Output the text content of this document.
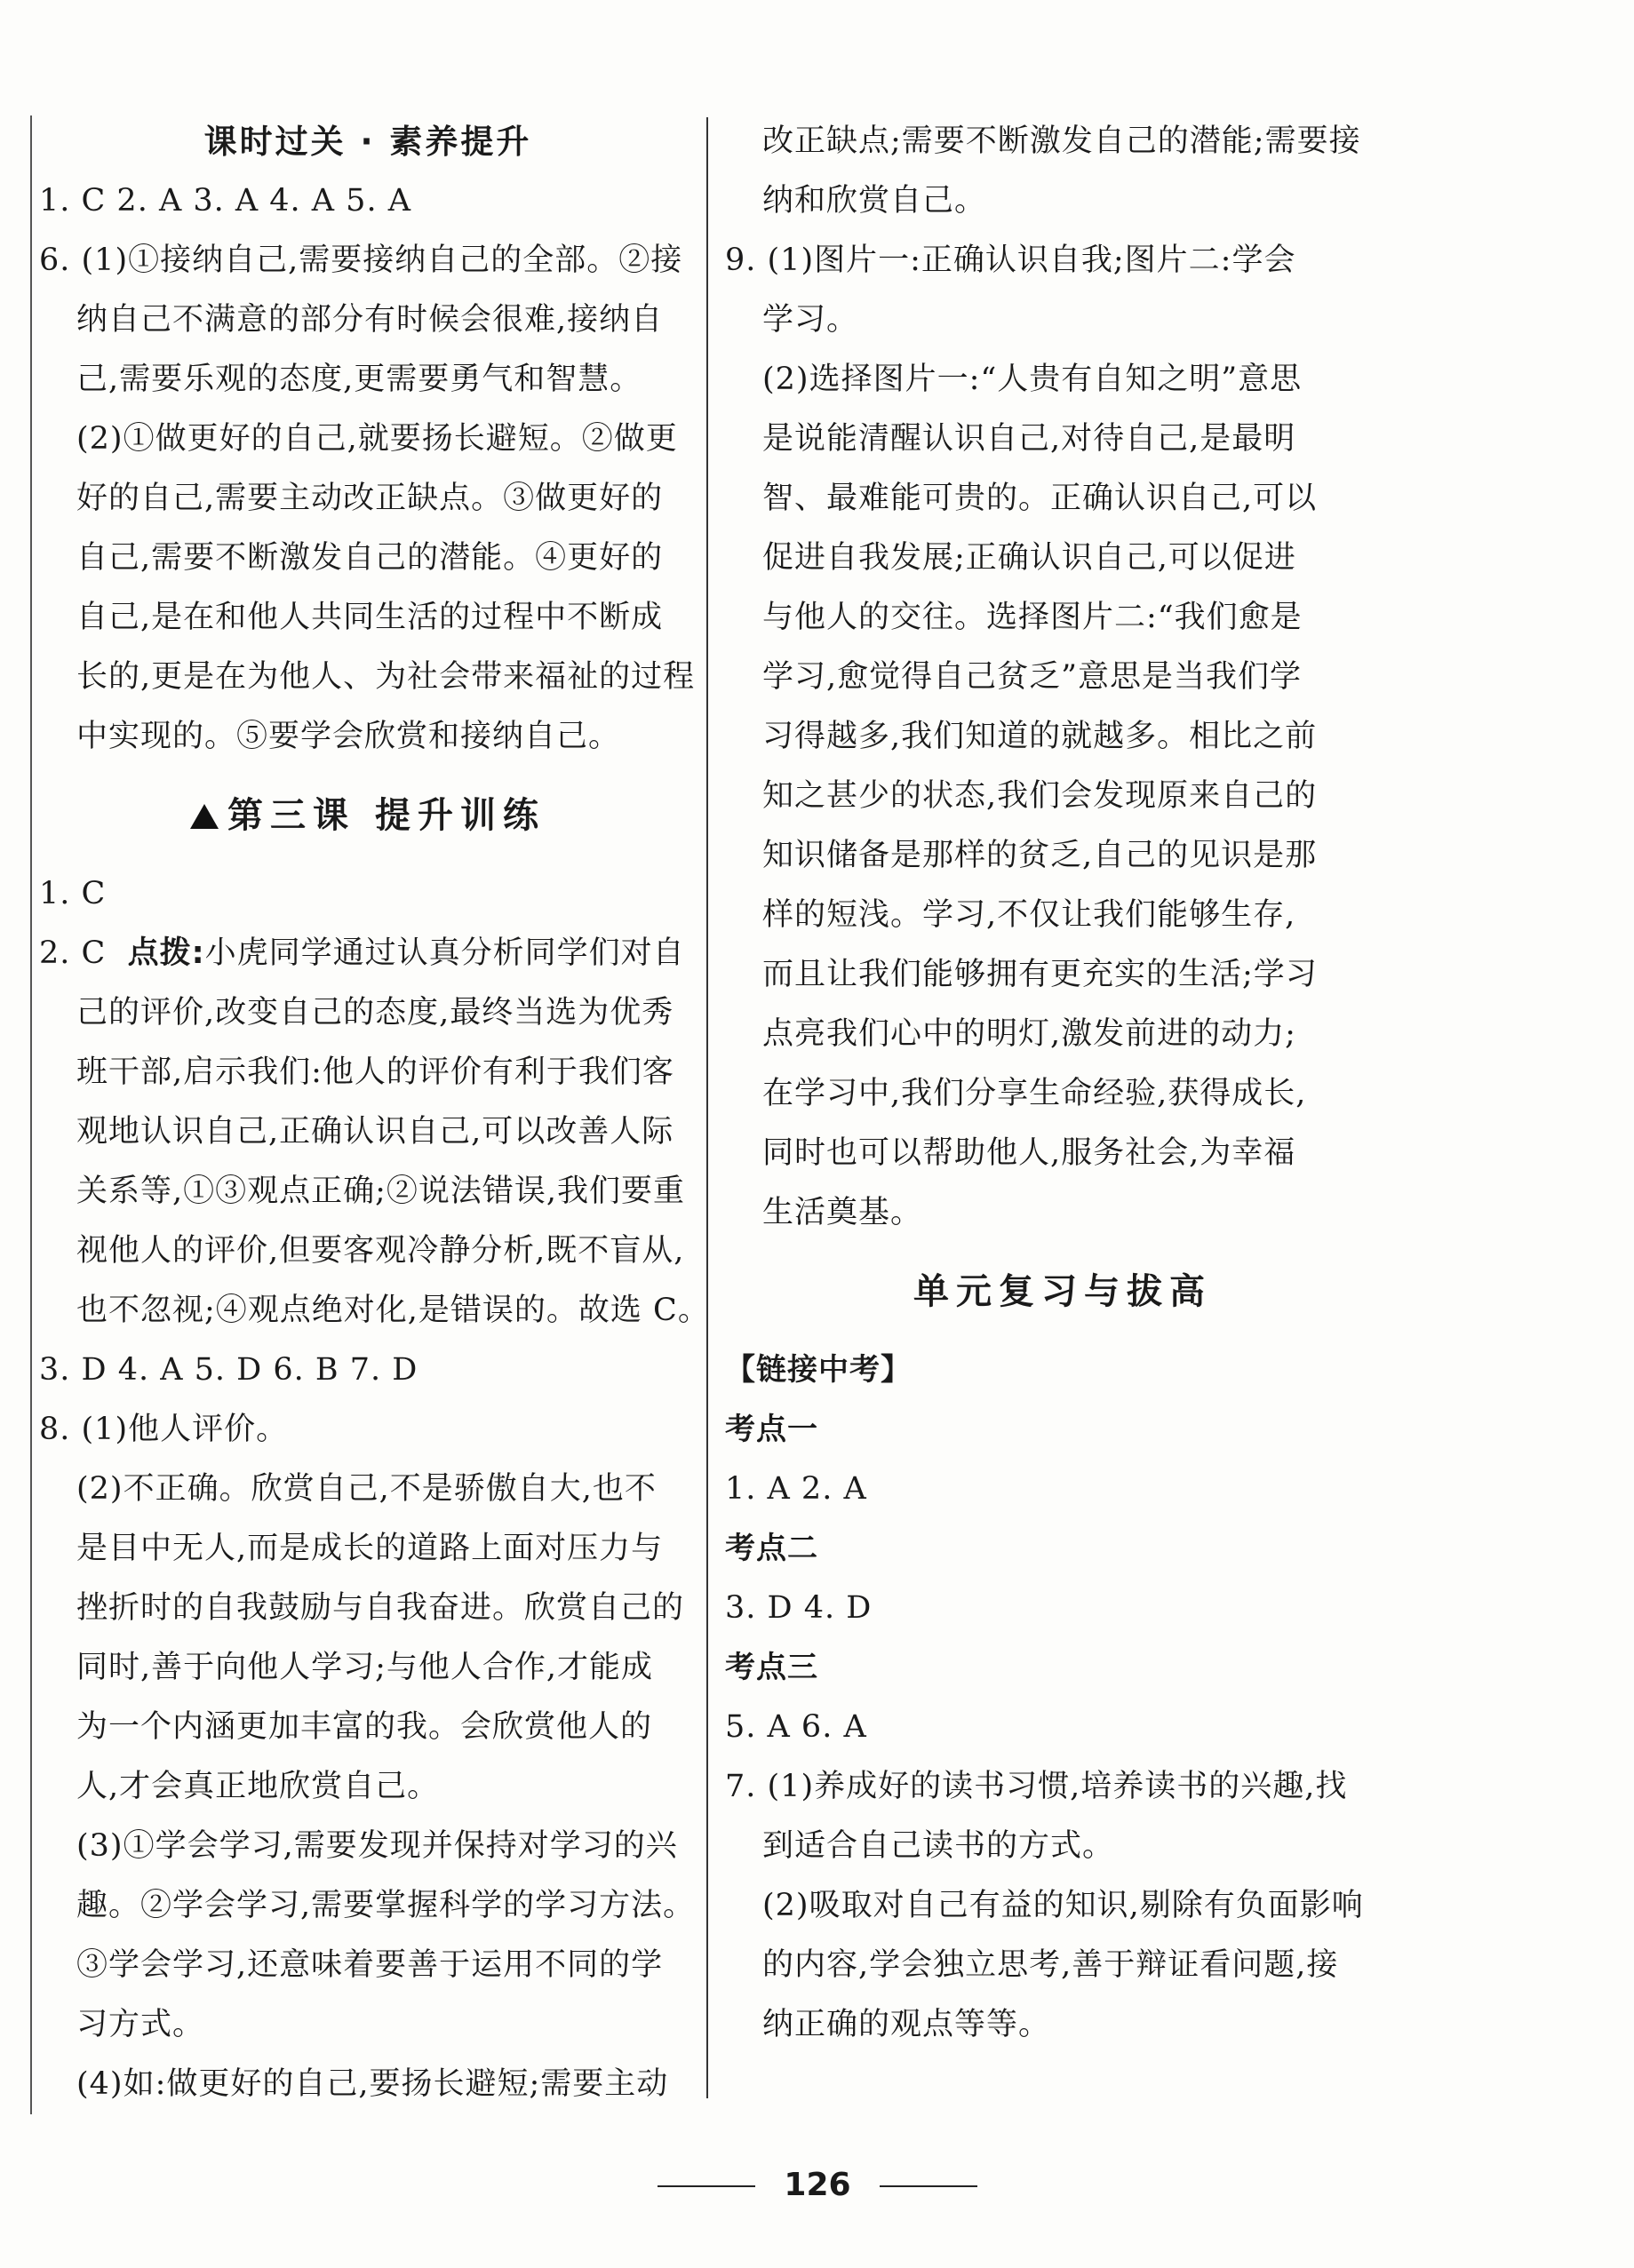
课时过关 · 素养提升
1. C 2. A 3. A 4. A 5. A
6. (1)①接纳自己,需要接纳自己的全部。②接
纳自己不满意的部分有时候会很难,接纳自
己,需要乐观的态度,更需要勇气和智慧。
(2)①做更好的自己,就要扬长避短。②做更
好的自己,需要主动改正缺点。③做更好的
自己,需要不断激发自己的潜能。④更好的
自己,是在和他人共同生活的过程中不断成
长的,更是在为他人、为社会带来福祉的过程
中实现的。⑤要学会欣赏和接纳自己。
第三课 提升训练
1. C
2. C 点拨:小虎同学通过认真分析同学们对自
己的评价,改变自己的态度,最终当选为优秀
班干部,启示我们:他人的评价有利于我们客
观地认识自己,正确认识自己,可以改善人际
关系等,①③观点正确;②说法错误,我们要重
视他人的评价,但要客观冷静分析,既不盲从,
也不忽视;④观点绝对化,是错误的。故选 C。
3. D 4. A 5. D 6. B 7. D
8. (1)他人评价。
(2)不正确。欣赏自己,不是骄傲自大,也不
是目中无人,而是成长的道路上面对压力与
挫折时的自我鼓励与自我奋进。欣赏自己的
同时,善于向他人学习;与他人合作,才能成
为一个内涵更加丰富的我。会欣赏他人的
人,才会真正地欣赏自己。
(3)①学会学习,需要发现并保持对学习的兴
趣。②学会学习,需要掌握科学的学习方法。
③学会学习,还意味着要善于运用不同的学
习方式。
(4)如:做更好的自己,要扬长避短;需要主动
改正缺点;需要不断激发自己的潜能;需要接
纳和欣赏自己。
9. (1)图片一:正确认识自我;图片二:学会
学习。
(2)选择图片一:“人贵有自知之明”意思
是说能清醒认识自己,对待自己,是最明
智、最难能可贵的。正确认识自己,可以
促进自我发展;正确认识自己,可以促进
与他人的交往。选择图片二:“我们愈是
学习,愈觉得自己贫乏”意思是当我们学
习得越多,我们知道的就越多。相比之前
知之甚少的状态,我们会发现原来自己的
知识储备是那样的贫乏,自己的见识是那
样的短浅。学习,不仅让我们能够生存,
而且让我们能够拥有更充实的生活;学习
点亮我们心中的明灯,激发前进的动力;
在学习中,我们分享生命经验,获得成长,
同时也可以帮助他人,服务社会,为幸福
生活奠基。
单元复习与拔高
【链接中考】
考点一
1. A 2. A
考点二
3. D 4. D
考点三
5. A 6. A
7. (1)养成好的读书习惯,培养读书的兴趣,找
到适合自己读书的方式。
(2)吸取对自己有益的知识,剔除有负面影响
的内容,学会独立思考,善于辩证看问题,接
纳正确的观点等等。
126
